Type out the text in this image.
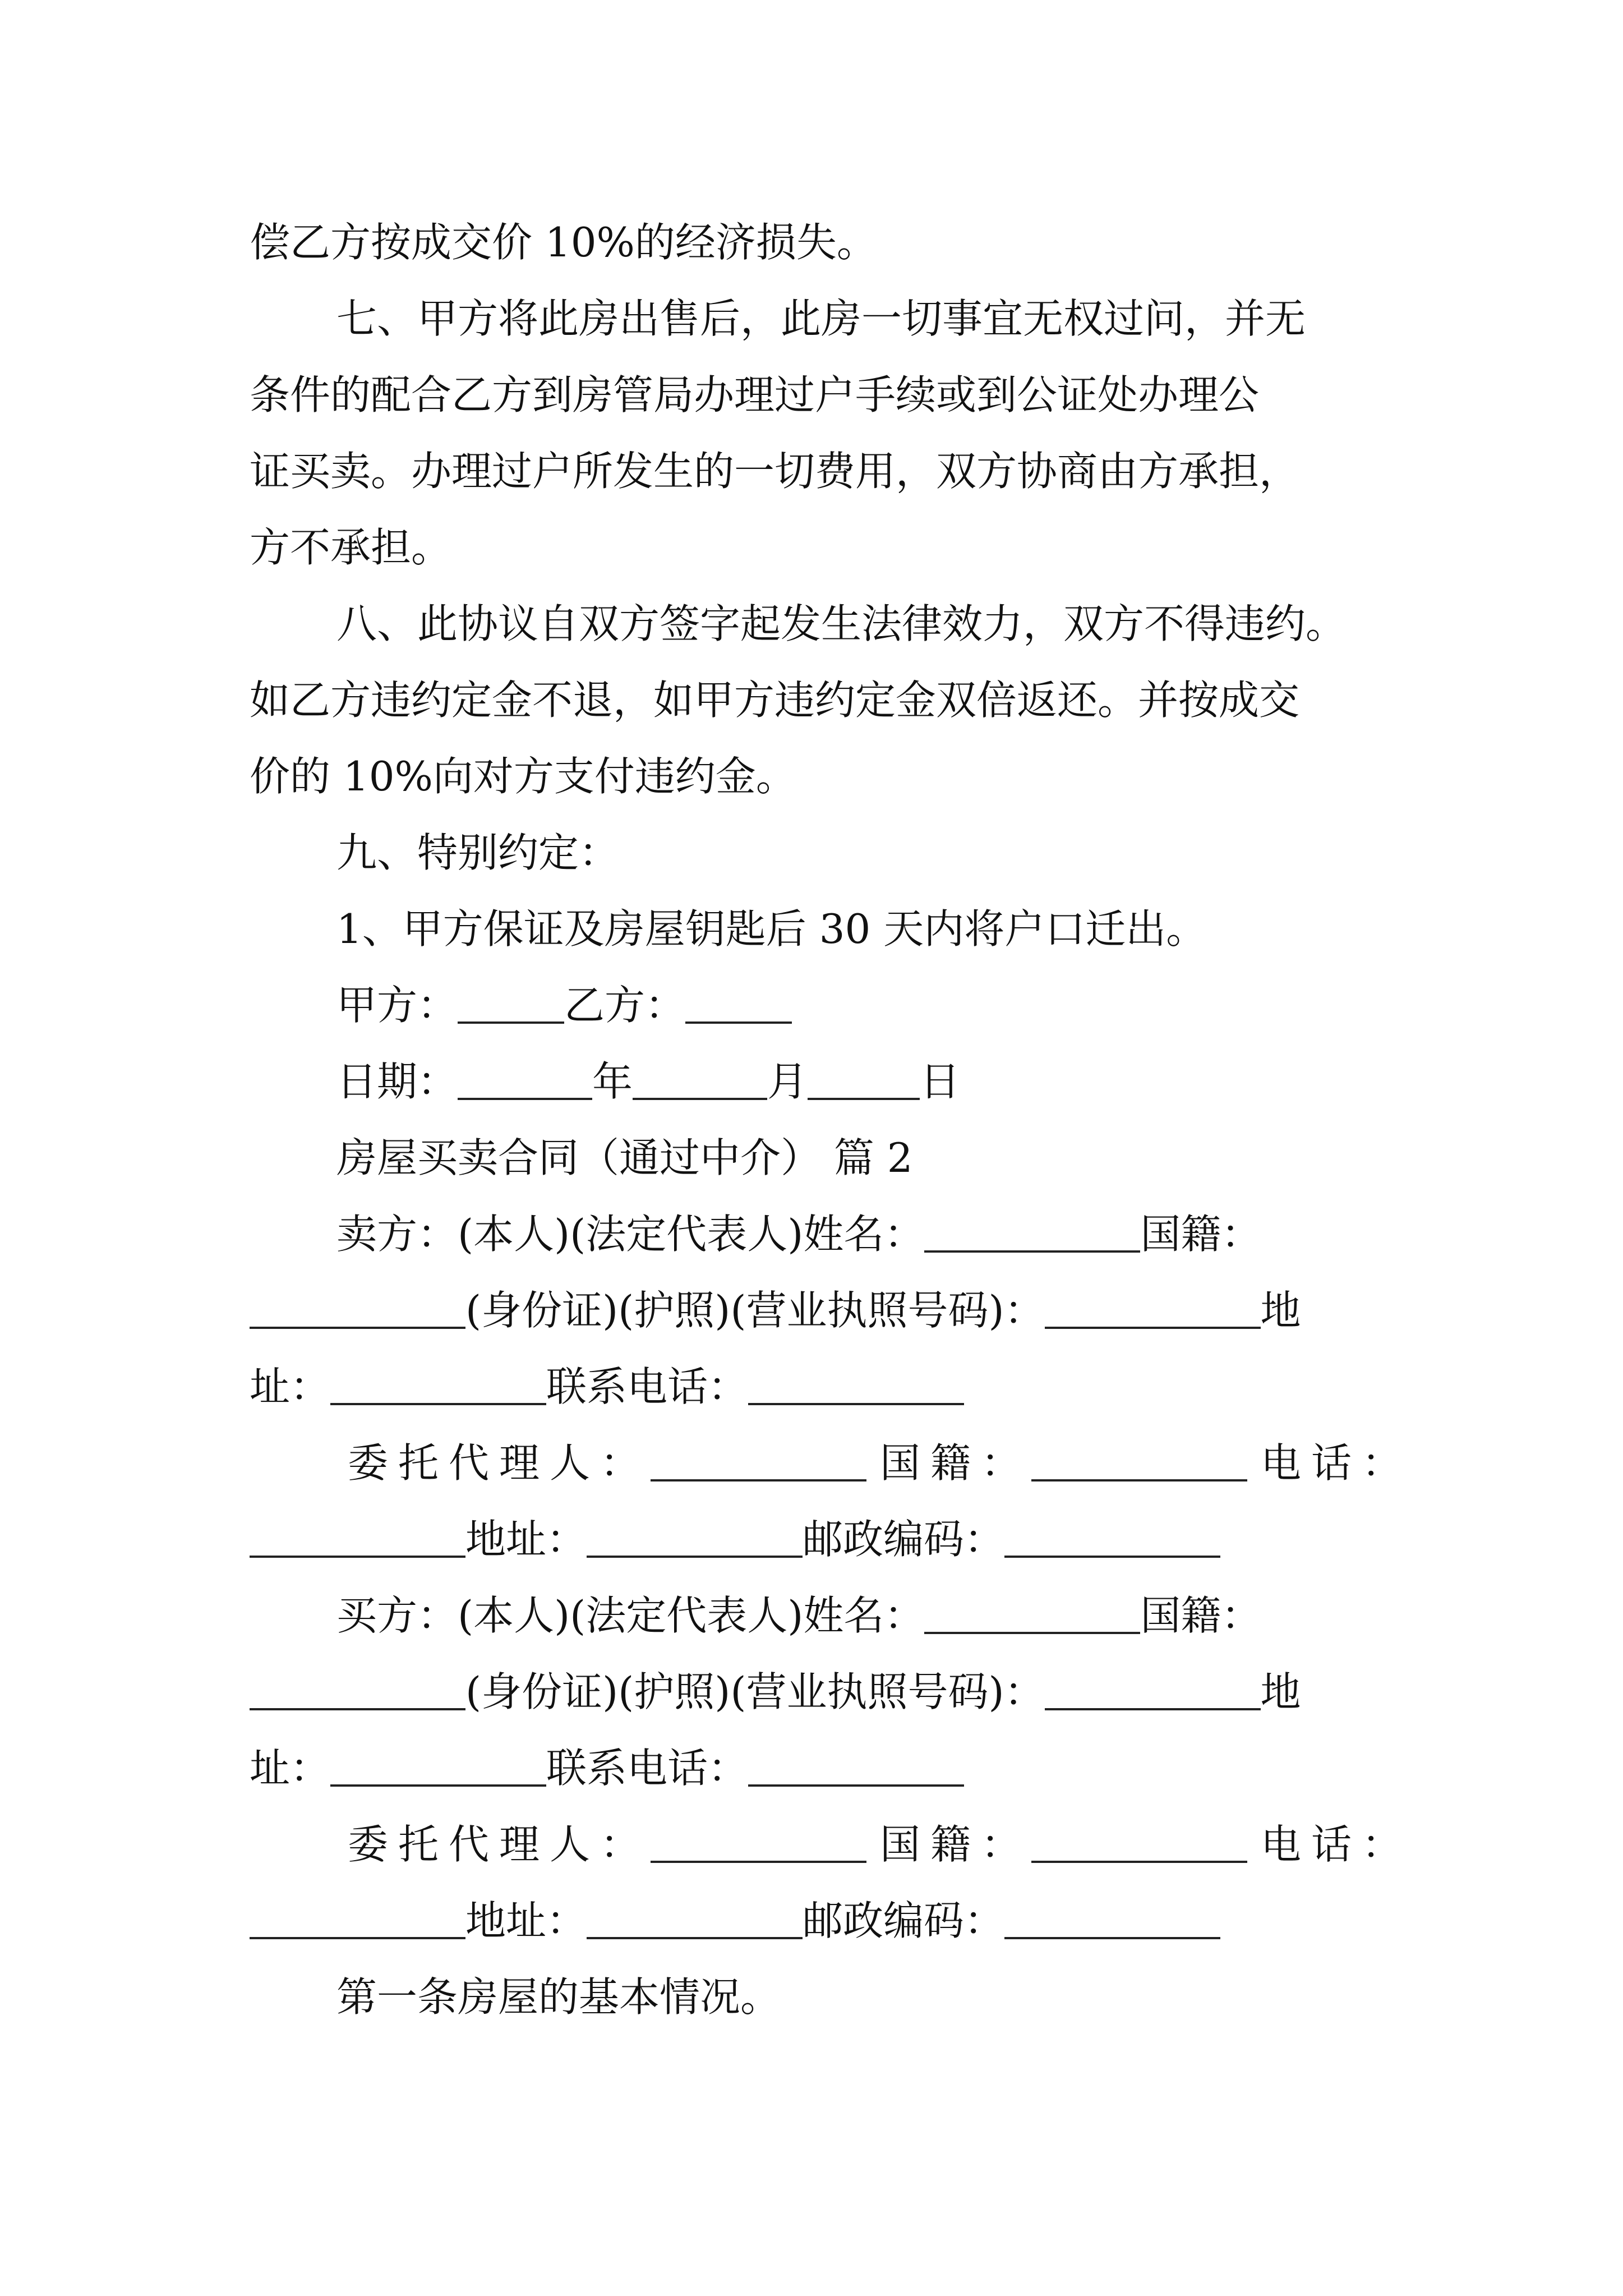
偿乙方按成交价 10%的经济损失。
七、甲方将此房出售后，此房一切事宜无权过问，并无
条件的配合乙方到房管局办理过户手续或到公证处办理公
证买卖。办理过户所发生的一切费用，双方协商由方承担，
方不承担。
八、此协议自双方签字起发生法律效力，双方不得违约。
如乙方违约定金不退，如甲方违约定金双倍返还。并按成交
价的 10%向对方支付违约金。
九、特别约定：
1、甲方保证及房屋钥匙后 30 天内将户口迁出。
甲方：	乙方：
日期：	年	月	日
房屋买卖合同（通过中介） 篇 2
卖方：(本人)(法定代表人)姓名：	国籍：
(身份证)(护照)(营业执照号码)：	地
址：	联系电话：
委托代理人：	国籍：	电话：
地址：	邮政编码：
买方：(本人)(法定代表人)姓名：	国籍：
(身份证)(护照)(营业执照号码)：	地
址：	联系电话：
委托代理人：	国籍：	电话：
地址：	邮政编码：
第一条房屋的基本情况。
